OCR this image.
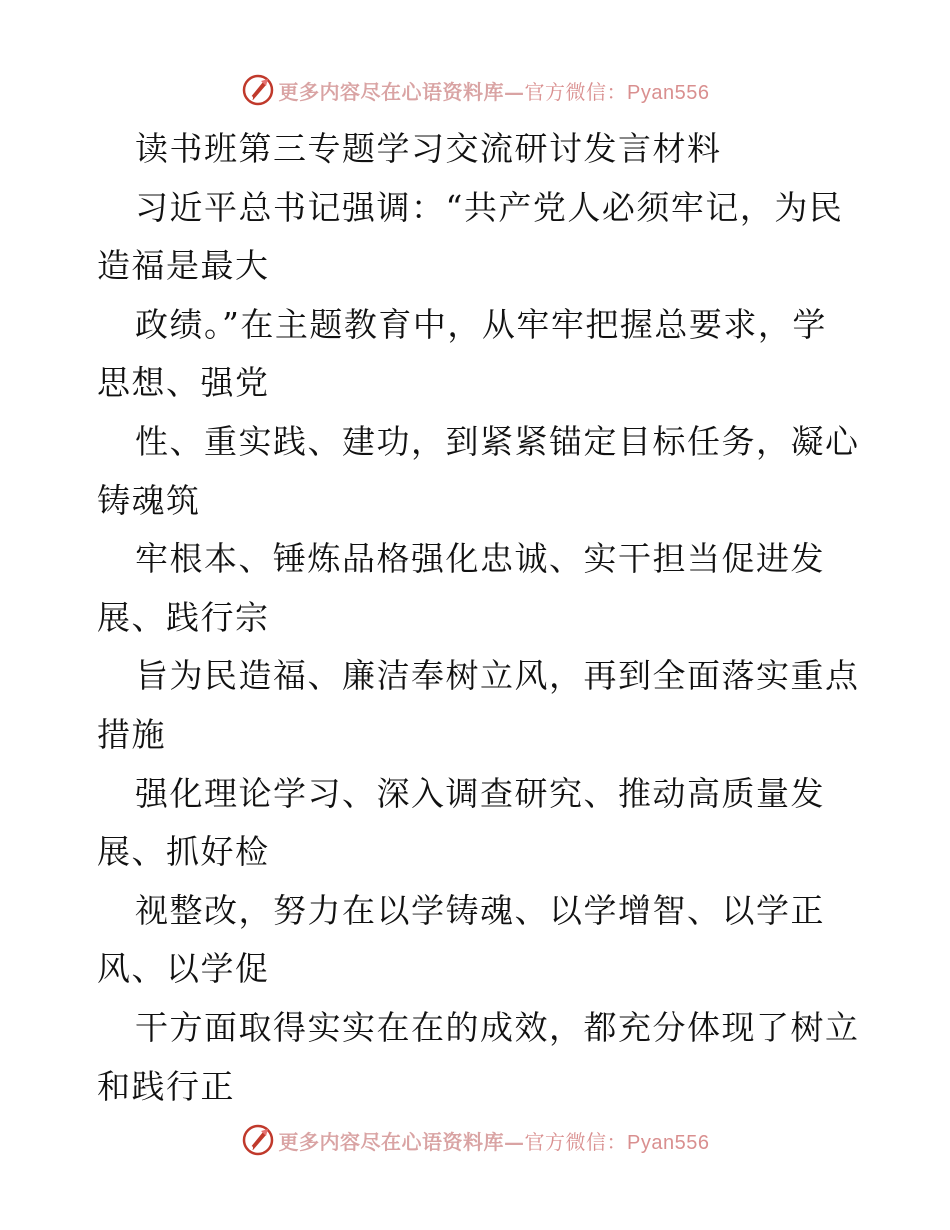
更多内容尽在心语资料库—官方微信：Pyan556
读书班第三专题学习交流研讨发言材料
习近平总书记强调：“共产党人必须牢记，为民
造福是最大
政绩。”在主题教育中，从牢牢把握总要求，学
思想、强党
性、重实践、建功，到紧紧锚定目标任务，凝心
铸魂筑
牢根本、锤炼品格强化忠诚、实干担当促进发
展、践行宗
旨为民造福、廉洁奉树立风，再到全面落实重点
措施
强化理论学习、深入调查研究、推动高质量发
展、抓好检
视整改，努力在以学铸魂、以学增智、以学正
风、以学促
干方面取得实实在在的成效，都充分体现了树立
和践行正
更多内容尽在心语资料库—官方微信：Pyan556
